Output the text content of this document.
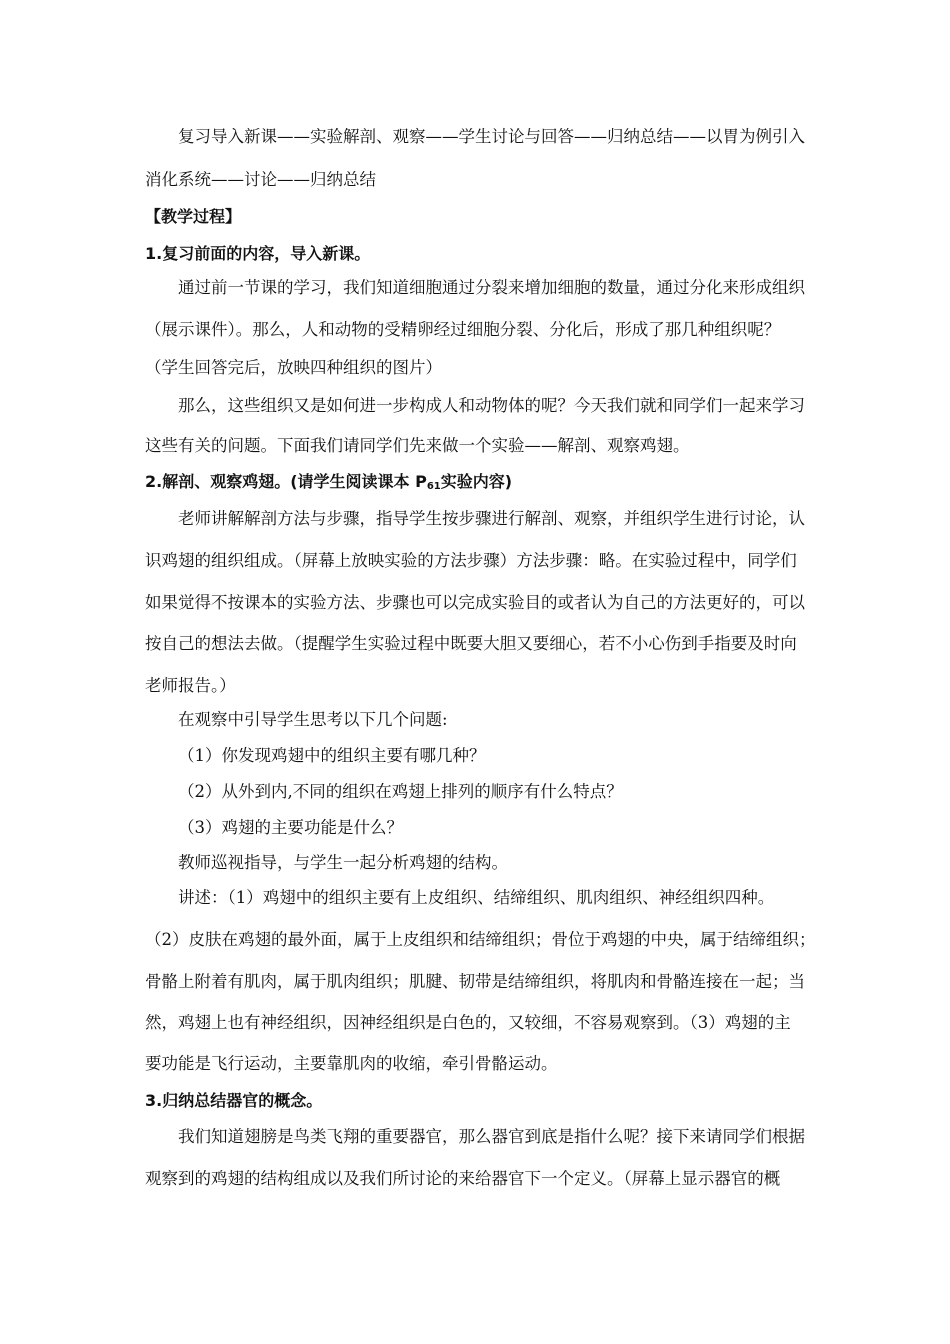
复习导入新课——实验解剖、观察——学生讨论与回答——归纳总结——以胃为例引入
消化系统——讨论——归纳总结
【教学过程】
1.复习前面的内容，导入新课。
通过前一节课的学习，我们知道细胞通过分裂来增加细胞的数量，通过分化来形成组织
（展示课件）。那么，人和动物的受精卵经过细胞分裂、分化后，形成了那几种组织呢？
（学生回答完后，放映四种组织的图片）
那么，这些组织又是如何进一步构成人和动物体的呢？今天我们就和同学们一起来学习
这些有关的问题。下面我们请同学们先来做一个实验——解剖、观察鸡翅。
2.解剖、观察鸡翅。(请学生阅读课本 $P_{61}$实验内容)
老师讲解解剖方法与步骤，指导学生按步骤进行解剖、观察，并组织学生进行讨论，认
识鸡翅的组织组成。（屏幕上放映实验的方法步骤）方法步骤：略。在实验过程中，同学们
如果觉得不按课本的实验方法、步骤也可以完成实验目的或者认为自己的方法更好的，可以
按自己的想法去做。（提醒学生实验过程中既要大胆又要细心，若不小心伤到手指要及时向
老师报告。）
在观察中引导学生思考以下几个问题:
（1）你发现鸡翅中的组织主要有哪几种？
（2）从外到内,不同的组织在鸡翅上排列的顺序有什么特点？
（3）鸡翅的主要功能是什么？
教师巡视指导，与学生一起分析鸡翅的结构。
讲述：（1）鸡翅中的组织主要有上皮组织、结缔组织、肌肉组织、神经组织四种。
（2）皮肤在鸡翅的最外面，属于上皮组织和结缔组织；骨位于鸡翅的中央，属于结缔组织；
骨骼上附着有肌肉，属于肌肉组织；肌腱、韧带是结缔组织，将肌肉和骨骼连接在一起；当
然，鸡翅上也有神经组织，因神经组织是白色的，又较细，不容易观察到。（3）鸡翅的主
要功能是飞行运动，主要靠肌肉的收缩，牵引骨骼运动。
3.归纳总结器官的概念。
我们知道翅膀是鸟类飞翔的重要器官，那么器官到底是指什么呢？接下来请同学们根据
观察到的鸡翅的结构组成以及我们所讨论的来给器官下一个定义。（屏幕上显示器官的概
